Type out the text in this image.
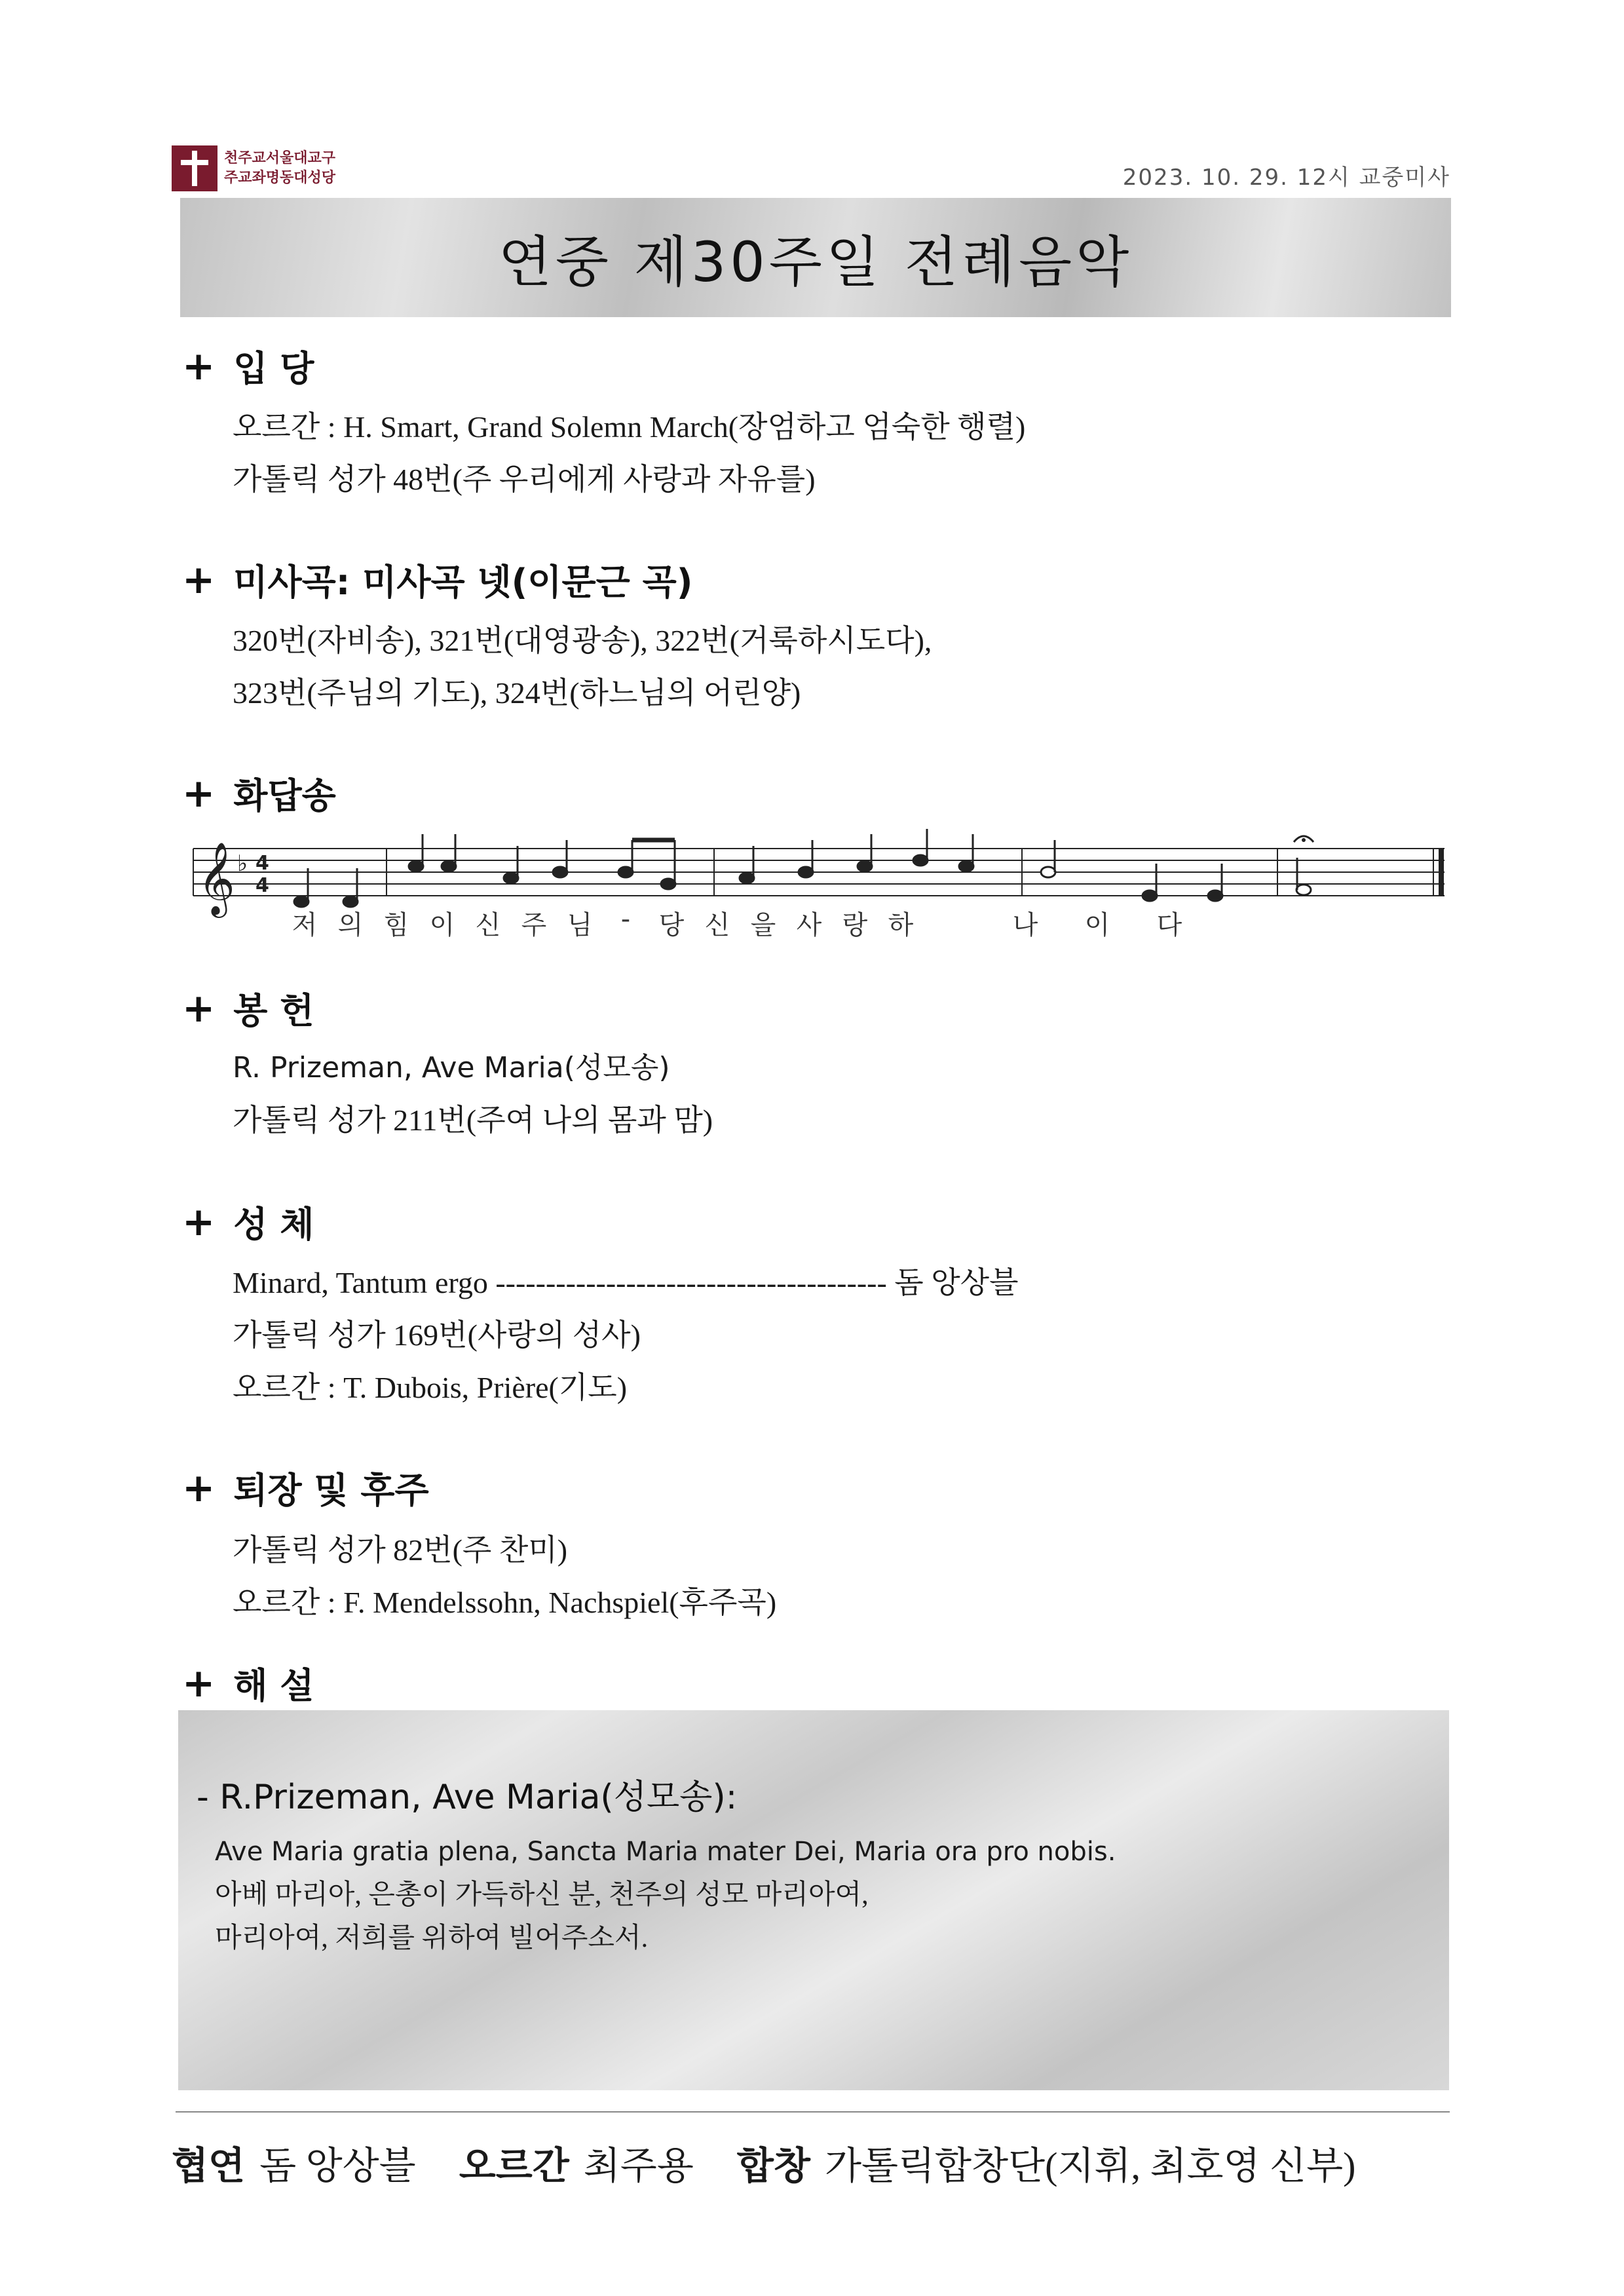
천주교서울대교구
주교좌명동대성당	2023. 10. 29. 12시 교중미사
연중 제30주일 전례음악
+ 입 당
오르간 : H. Smart, Grand Solemn March(장엄하고 엄숙한 행렬)
가톨릭 성가 48번(주 우리에게 사랑과 자유를)
+ 미사곡: 미사곡 넷(이문근 곡)
320번(자비송), 321번(대영광송), 322번(거룩하시도다),
323번(주님의 기도), 324번(하느님의 어린양)
+ 화답송
𝄞 ♭ 4
4
저 의 힘 이 신 주 님	-	당 신 을 사 랑 하	나	이	다
+ 봉 헌
R. Prizeman, Ave Maria(성모송)
가톨릭 성가 211번(주여 나의 몸과 맘)
+ 성 체
Minard, Tantum ergo --------------------------------------- 돔 앙상블
가톨릭 성가 169번(사랑의 성사)
오르간 : T. Dubois, Prière(기도)
+ 퇴장 및 후주
가톨릭 성가 82번(주 찬미)
오르간 : F. Mendelssohn, Nachspiel(후주곡)
+ 해 설
- R.Prizeman, Ave Maria(성모송):
Ave Maria gratia plena, Sancta Maria mater Dei, Maria ora pro nobis.
아베 마리아, 은총이 가득하신 분, 천주의 성모 마리아여,
마리아여, 저희를 위하여 빌어주소서.
협연 돔 앙상블 오르간 최주용 합창 가톨릭합창단(지휘, 최호영 신부)
